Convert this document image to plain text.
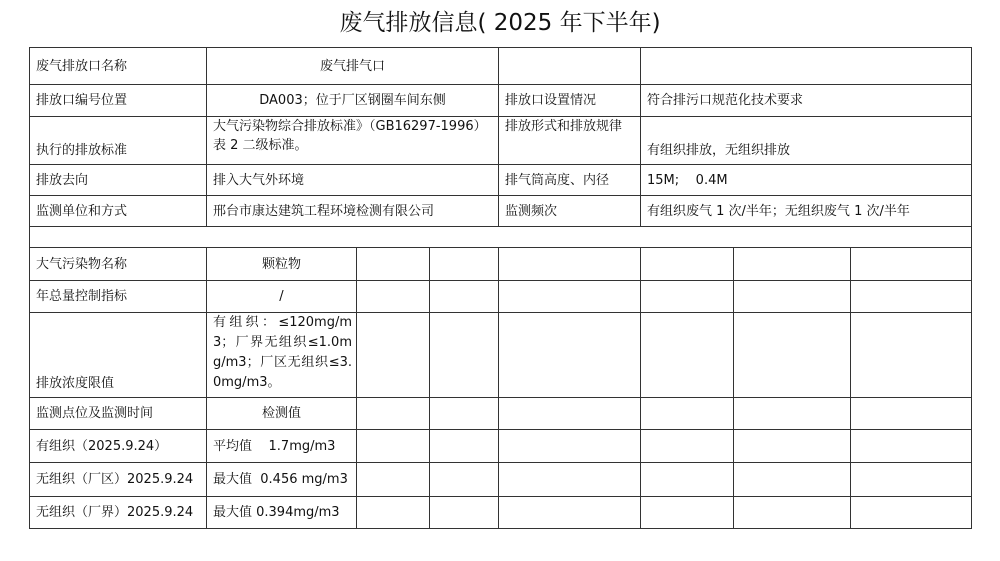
废气排放信息( 2025 年下半年)
废气排放口名称	废气排气口						
排放口编号位置	DA003；位于厂区钢圈车间东侧			排放口设置情况	符合排污口规范化技术要求		
执行的排放标准	大气污染物综合排放标准》（GB16297-1996）表 2 二级标准。			排放形式和排放规律	有组织排放，无组织排放		
排放去向	排入大气外环境			排气筒高度、内径	15M;    0.4M		
监测单位和方式	邢台市康达建筑工程环境检测有限公司			监测频次	有组织废气 1 次/半年；无组织废气 1 次/半年		

大气污染物名称	颗粒物						
年总量控制指标	/						
排放浓度限值	有组织：≤120mg/m3；厂界无组织≤1.0mg/m3；厂区无组织≤3.0mg/m3。						
监测点位及监测时间	检测值						
有组织（2025.9.24）	平均值    1.7mg/m3						
无组织（厂区）2025.9.24	最大值  0.456 mg/m3						
无组织（厂界）2025.9.24	最大值 0.394mg/m3						
